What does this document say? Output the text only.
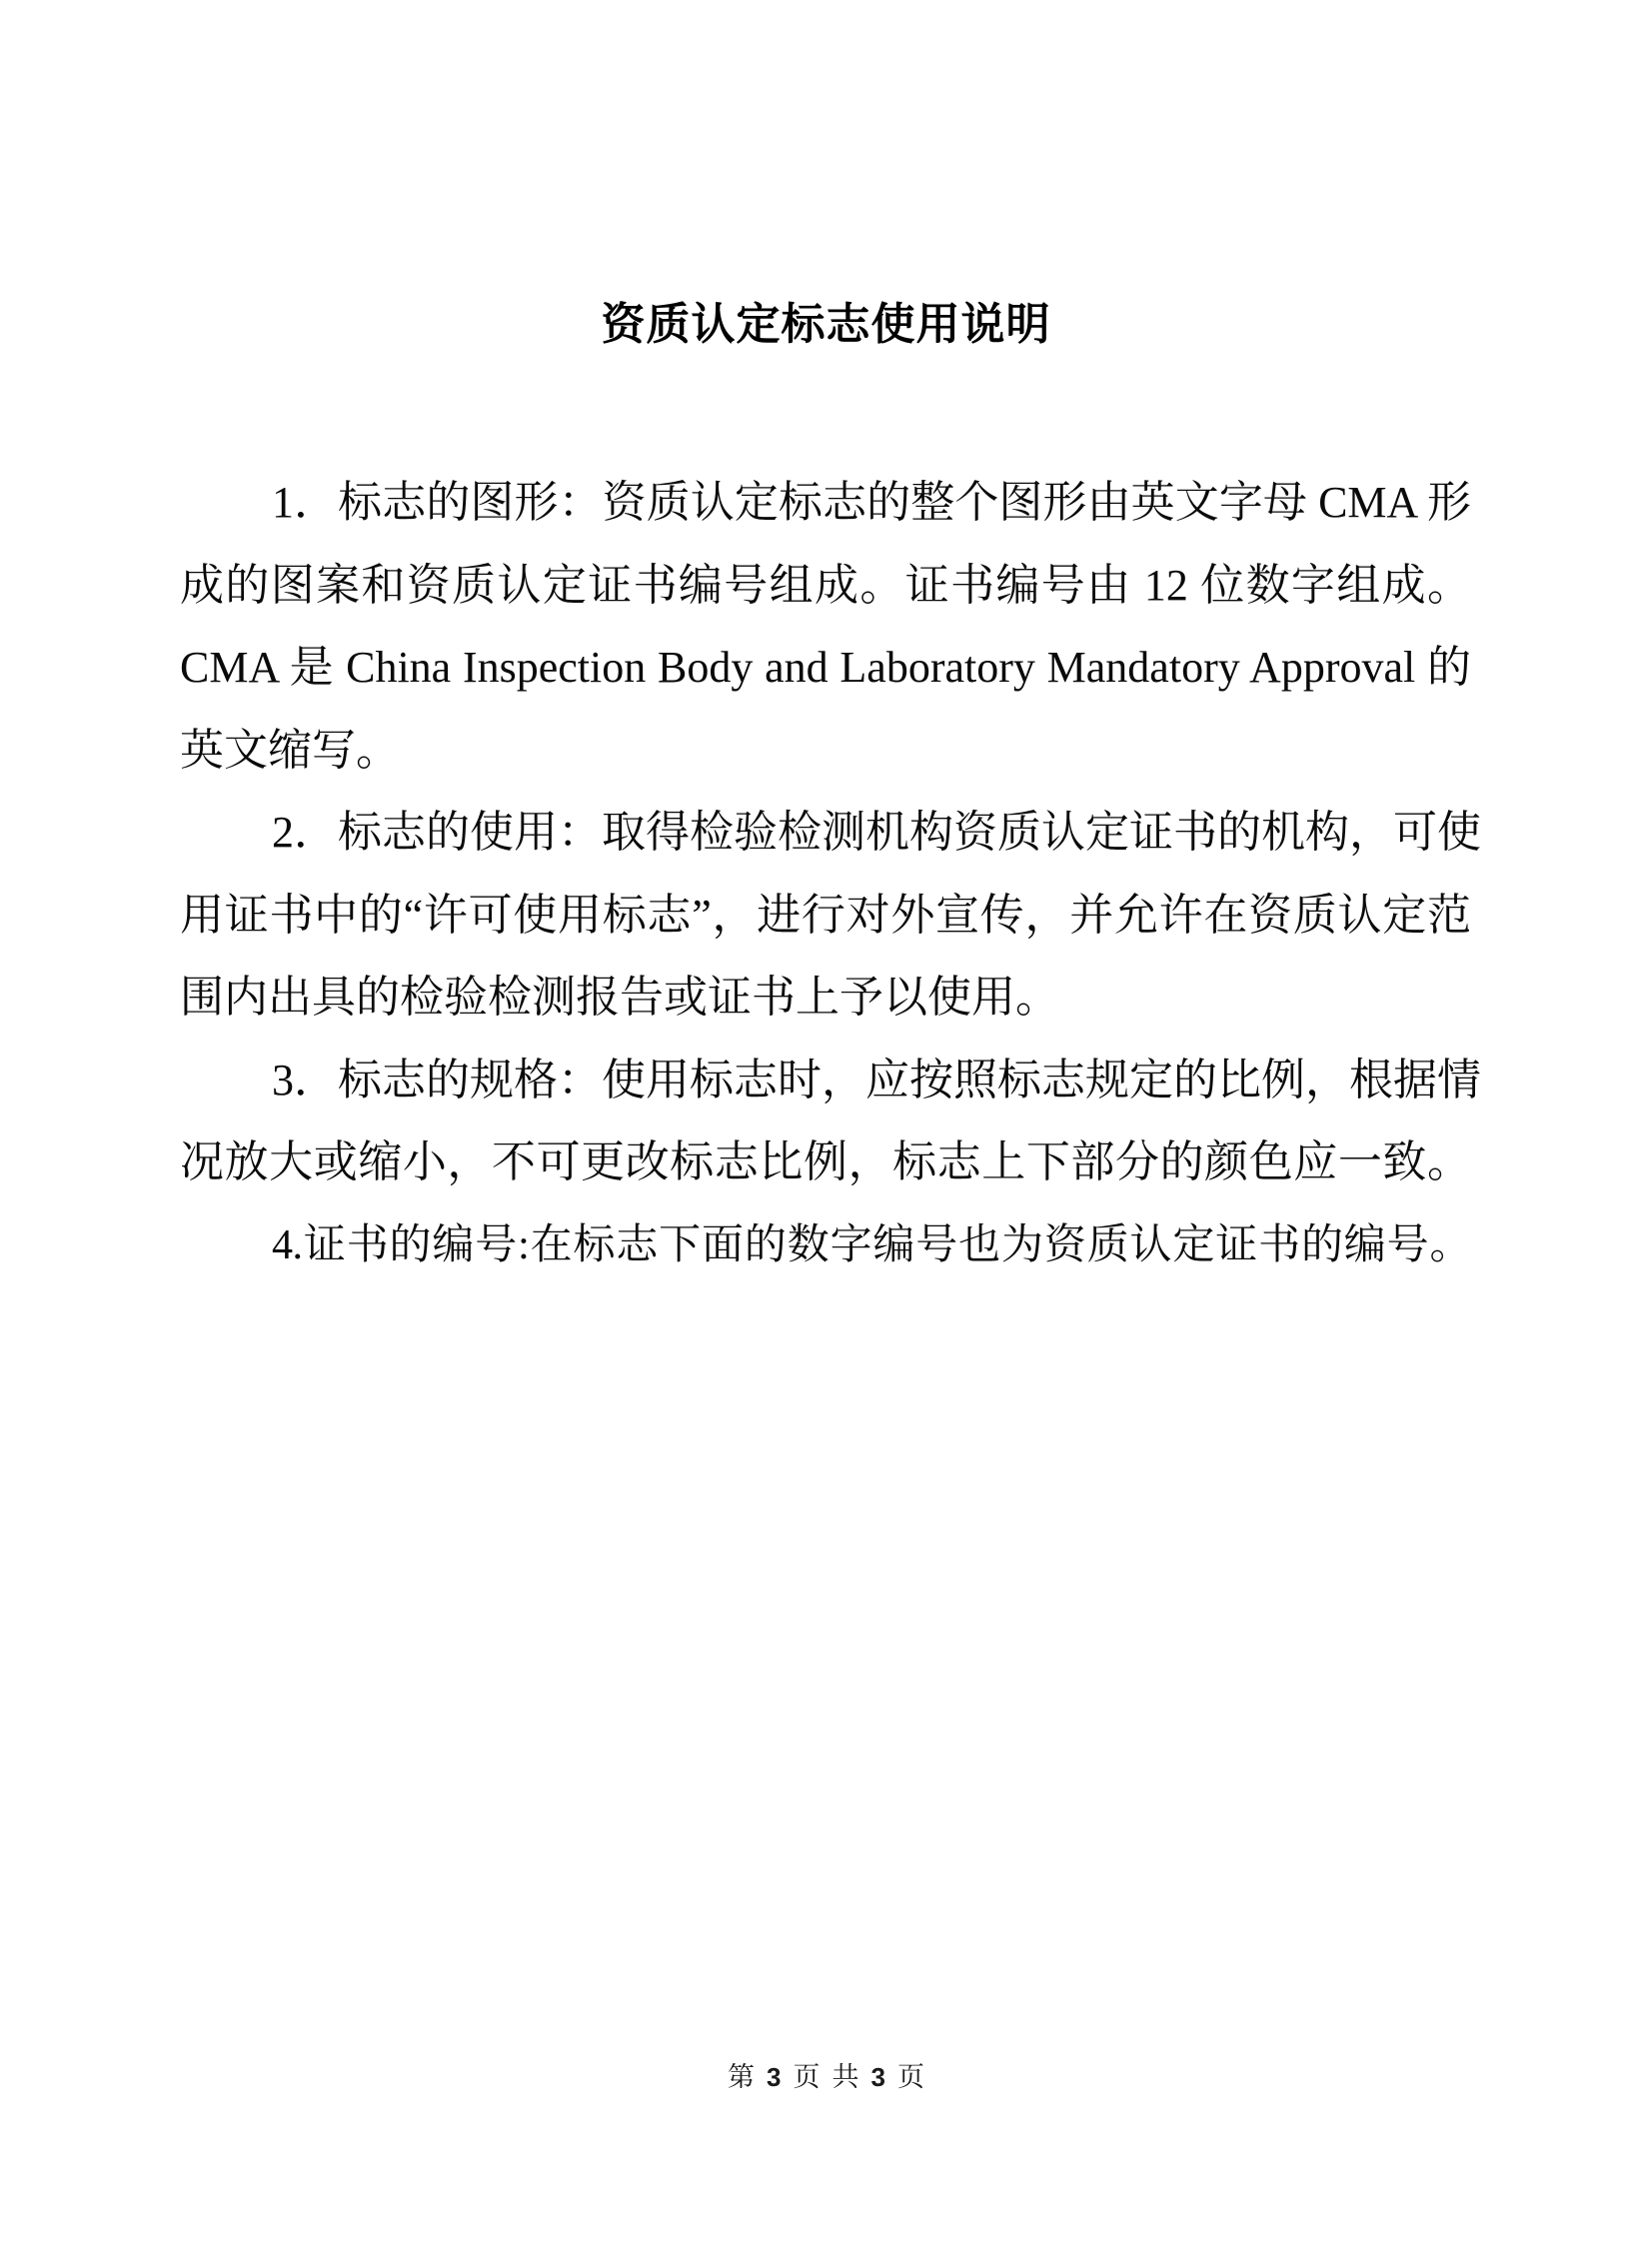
资质认定标志使用说明
1．标志的图形：资质认定标志的整个图形由英文字母 CMA 形
成的图案和资质认定证书编号组成。证书编号由 12 位数字组成。
CMA 是 China Inspection Body and Laboratory Mandatory Approval 的
英文缩写。
2．标志的使用：取得检验检测机构资质认定证书的机构，可使
用证书中的“许可使用标志”，进行对外宣传，并允许在资质认定范
围内出具的检验检测报告或证书上予以使用。
3．标志的规格：使用标志时，应按照标志规定的比例，根据情
况放大或缩小，不可更改标志比例，标志上下部分的颜色应一致。
4.证书的编号:在标志下面的数字编号也为资质认定证书的编号。
第 3 页 共 3 页
